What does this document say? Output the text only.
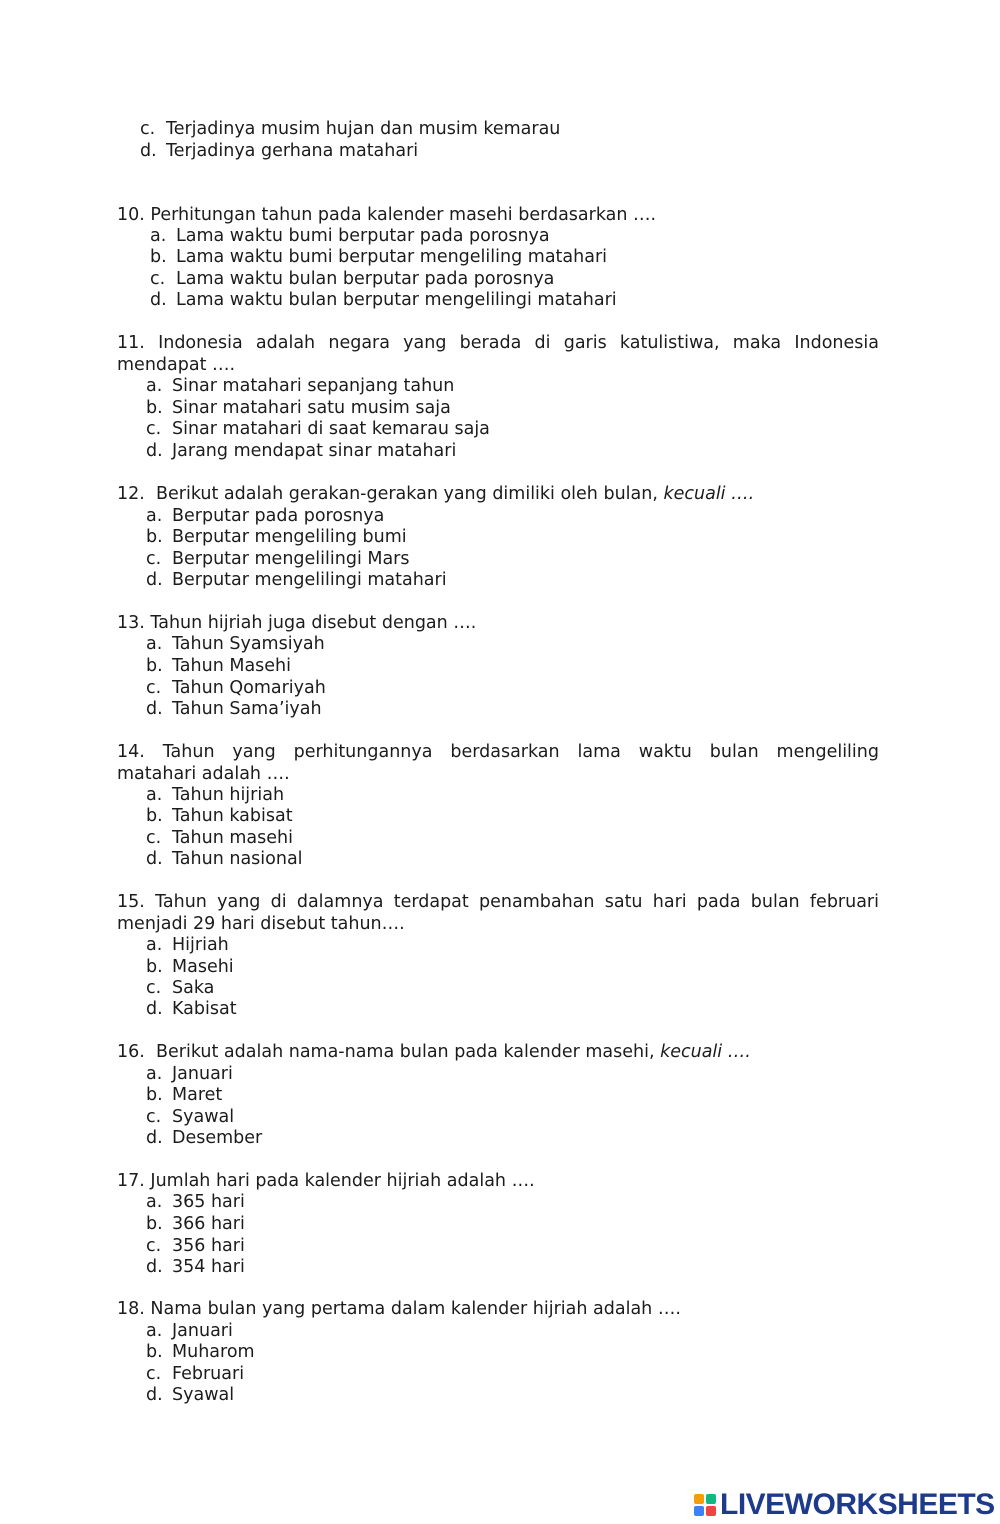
c. Terjadinya musim hujan dan musim kemarau
d. Terjadinya gerhana matahari
10. Perhitungan tahun pada kalender masehi berdasarkan ….
a. Lama waktu bumi berputar pada porosnya
b. Lama waktu bumi berputar mengeliling matahari
c. Lama waktu bulan berputar pada porosnya
d. Lama waktu bulan berputar mengelilingi matahari
11. Indonesia adalah negara yang berada di garis katulistiwa, maka Indonesia
mendapat ….
a. Sinar matahari sepanjang tahun
b. Sinar matahari satu musim saja
c. Sinar matahari di saat kemarau saja
d. Jarang mendapat sinar matahari
12. Berikut adalah gerakan-gerakan yang dimiliki oleh bulan, kecuali ….
a. Berputar pada porosnya
b. Berputar mengeliling bumi
c. Berputar mengelilingi Mars
d. Berputar mengelilingi matahari
13. Tahun hijriah juga disebut dengan ….
a. Tahun Syamsiyah
b. Tahun Masehi
c. Tahun Qomariyah
d. Tahun Sama’iyah
14. Tahun yang perhitungannya berdasarkan lama waktu bulan mengeliling
matahari adalah ….
a. Tahun hijriah
b. Tahun kabisat
c. Tahun masehi
d. Tahun nasional
15. Tahun yang di dalamnya terdapat penambahan satu hari pada bulan februari
menjadi 29 hari disebut tahun….
a. Hijriah
b. Masehi
c. Saka
d. Kabisat
16. Berikut adalah nama-nama bulan pada kalender masehi, kecuali ….
a. Januari
b. Maret
c. Syawal
d. Desember
17. Jumlah hari pada kalender hijriah adalah ….
a. 365 hari
b. 366 hari
c. 356 hari
d. 354 hari
18. Nama bulan yang pertama dalam kalender hijriah adalah ….
a. Januari
b. Muharom
c. Februari
d. Syawal
LIVEWORKSHEETS
